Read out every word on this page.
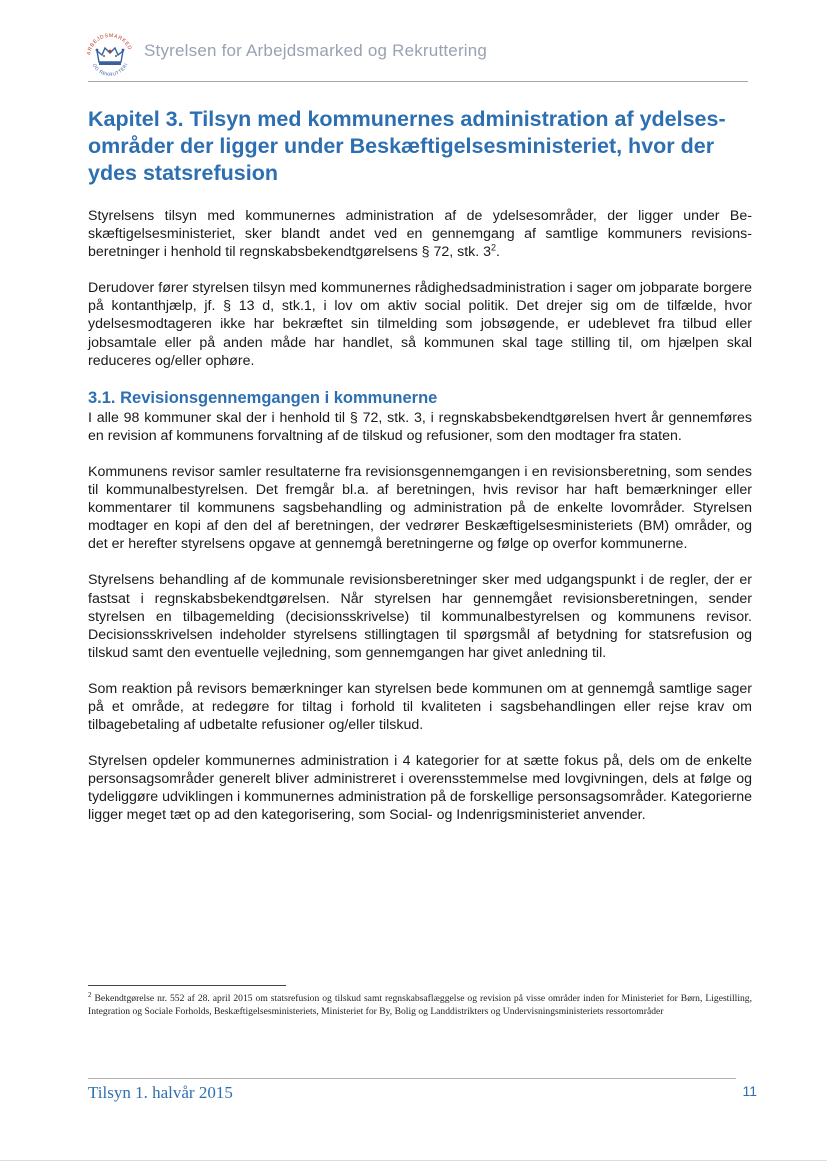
ARBEJDSMARKED
OG REKRUTTERI
Styrelsen for Arbejdsmarked og Rekruttering
Kapitel 3. Tilsyn med kommunernes administration af ydelsesområder der ligger under Beskæftigelsesministeriet, hvor der ydes statsrefusion

Styrelsens tilsyn med kommunernes administration af de ydelsesområder, der ligger under Beskæftigelsesministeriet, sker blandt andet ved en gennemgang af samtlige kommuners revisionsberetninger i henhold til regnskabsbekendtgørelsens § 72, stk. $3^2$.

Derudover fører styrelsen tilsyn med kommunernes rådighedsadministration i sager om jobparate borgere på kontanthjælp, jf. § 13 d, stk.1, i lov om aktiv social politik. Det drejer sig om de tilfælde, hvor ydelsesmodtageren ikke har bekræftet sin tilmelding som jobsøgende, er udeblevet fra tilbud eller jobsamtale eller på anden måde har handlet, så kommunen skal tage stilling til, om hjælpen skal reduceres og/eller ophøre.

3.1. Revisionsgennemgangen i kommunerne

I alle 98 kommuner skal der i henhold til § 72, stk. 3, i regnskabsbekendtgørelsen hvert år gennemføres en revision af kommunens forvaltning af de tilskud og refusioner, som den modtager fra staten.

Kommunens revisor samler resultaterne fra revisionsgennemgangen i en revisionsberetning, som sendes til kommunalbestyrelsen. Det fremgår bl.a. af beretningen, hvis revisor har haft bemærkninger eller kommentarer til kommunens sagsbehandling og administration på de enkelte lovområder. Styrelsen modtager en kopi af den del af beretningen, der vedrører Beskæftigelsesministeriets (BM) områder, og det er herefter styrelsens opgave at gennemgå beretningerne og følge op overfor kommunerne.

Styrelsens behandling af de kommunale revisionsberetninger sker med udgangspunkt i de regler, der er fastsat i regnskabsbekendtgørelsen. Når styrelsen har gennemgået revisionsberetningen, sender styrelsen en tilbagemelding (decisionsskrivelse) til kommunalbestyrelsen og kommunens revisor. Decisionsskrivelsen indeholder styrelsens stillingtagen til spørgsmål af betydning for statsrefusion og tilskud samt den eventuelle vejledning, som gennemgangen har givet anledning til.

Som reaktion på revisors bemærkninger kan styrelsen bede kommunen om at gennemgå samtlige sager på et område, at redegøre for tiltag i forhold til kvaliteten i sagsbehandlingen eller rejse krav om tilbagebetaling af udbetalte refusioner og/eller tilskud.

Styrelsen opdeler kommunernes administration i 4 kategorier for at sætte fokus på, dels om de enkelte personsagsområder generelt bliver administreret i overensstemmelse med lovgivningen, dels at følge og tydeliggøre udviklingen i kommunernes administration på de forskellige personsagsområder. Kategorierne ligger meget tæt op ad den kategorisering, som Social- og Indenrigsministeriet anvender.

$^2$ Bekendtgørelse nr. 552 af 28. april 2015 om statsrefusion og tilskud samt regnskabsaflæggelse og revision på visse områder inden for Ministeriet for Børn, Ligestilling, Integration og Sociale Forholds, Beskæftigelsesministeriets, Ministeriet for By, Bolig og Landdistrikters og Undervisningsministeriets ressortområder
Tilsyn 1. halvår 2015	11
